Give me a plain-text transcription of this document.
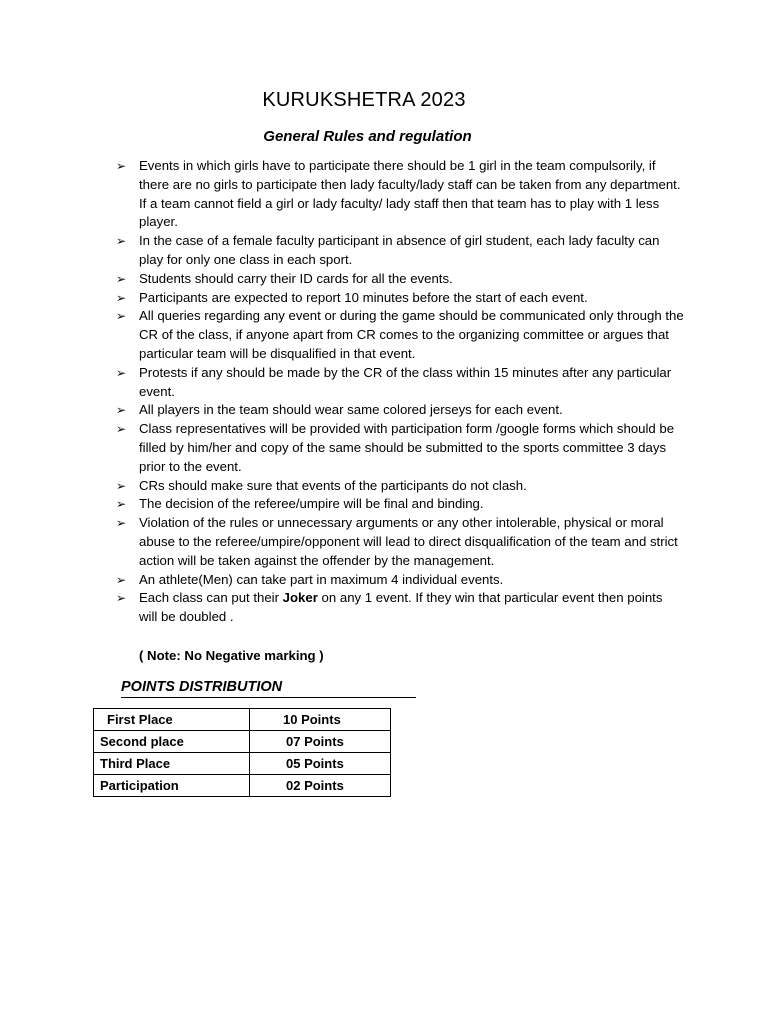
KURUKSHETRA 2023
General Rules and regulation
➢ Events in which girls have to participate there should be 1 girl in the team compulsorily, if there are no girls to participate then lady faculty/lady staff can be taken from any department. If a team cannot field a girl or lady faculty/ lady staff then that team has to play with 1 less player.
➢ In the case of a female faculty participant in absence of girl student, each lady faculty can play for only one class in each sport.
➢ Students should carry their ID cards for all the events.
➢ Participants are expected to report 10 minutes before the start of each event.
➢ All queries regarding any event or during the game should be communicated only through the CR of the class, if anyone apart from CR comes to the organizing committee or argues that particular team will be disqualified in that event.
➢ Protests if any should be made by the CR of the class within 15 minutes after any particular event.
➢ All players in the team should wear same colored jerseys for each event.
➢ Class representatives will be provided with participation form /google forms which should be filled by him/her and copy of the same should be submitted to the sports committee 3 days prior to the event.
➢ CRs should make sure that events of the participants do not clash.
➢ The decision of the referee/umpire will be final and binding.
➢ Violation of the rules or unnecessary arguments or any other intolerable, physical or moral abuse to the referee/umpire/opponent will lead to direct disqualification of the team and strict action will be taken against the offender by the management.
➢ An athlete(Men) can take part in maximum 4 individual events.
➢ Each class can put their Joker on any 1 event. If they win that particular event then points will be doubled .

( Note: No Negative marking )

POINTS DISTRIBUTION

First Place	10 Points
Second place	07 Points
Third Place	05 Points
Participation	02 Points
